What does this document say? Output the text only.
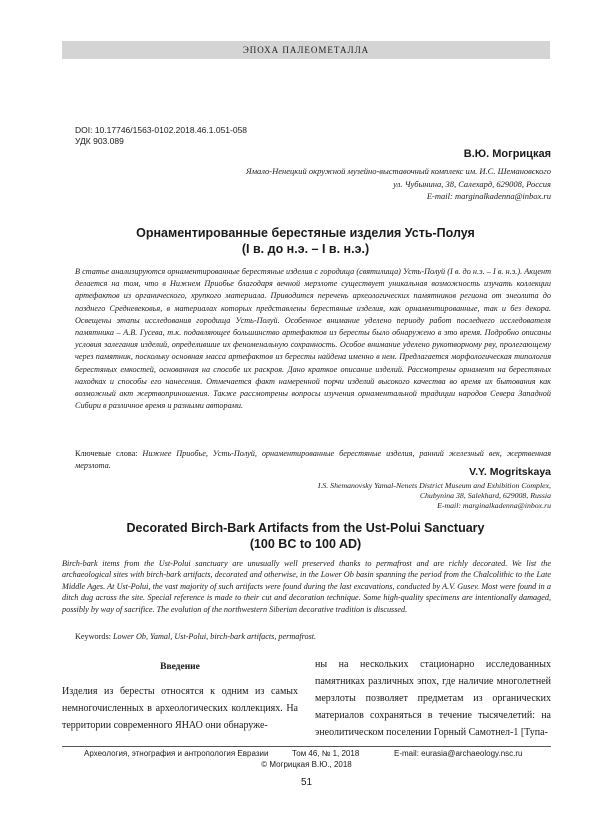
ЭПОХА ПАЛЕОМЕТАЛЛА
DOI: 10.17746/1563-0102.2018.46.1.051-058
УДК 903.089
В.Ю. Могрицкая
Ямало-Ненецкий окружной музейно-выставочный комплекс им. И.С. Шемановского
ул. Чубынина, 38, Салехард, 629008, Россия
E-mail: marginalkadenna@inbox.ru
Орнаментированные берестяные изделия Усть-Полуя
(I в. до н.э. – I в. н.э.)
В статье анализируются орнаментированные берестяные изделия с городища (святилища) Усть-Полуй (I в. до н.э. – I в. н.э.). Акцент делается на том, что в Нижнем Приобье благодаря вечной мерзлоте существует уникальная возможность изучать коллекции артефактов из органического, хрупкого материала. Приводится перечень археологических памятников региона от энеолита до позднего Средневековья, в материалах которых представлены берестяные изделия, как орнаментированные, так и без декора. Освещены этапы исследования городища Усть-Полуй. Особенное внимание уделено периоду работ последнего исследователя памятника – А.В. Гусева, т.к. подавляющее большинство артефактов из бересты было обнаружено в это время. Подробно описаны условия залегания изделий, определившие их феноменальную сохранность. Особое внимание уделено рукотворному рву, пролегающему через памятник, поскольку основная масса артефактов из бересты найдена именно в нем. Предлагается морфологическая типология берестяных емкостей, основанная на способе их раскроя. Дано краткое описание изделий. Рассмотрены орнамент на берестяных находках и способы его нанесения. Отмечается факт намеренной порчи изделий высокого качества во время их бытования как возможный акт жертвоприношения. Также рассмотрены вопросы изучения орнаментальной традиции народов Севера Западной Сибири в различное время и разными авторами.
Ключевые слова: Нижнее Приобье, Усть-Полуй, орнаментированные берестяные изделия, ранний железный век, жертвенная мерзлота.
V.Y. Mogritskaya
I.S. Shemanovsky Yamal-Nenets District Museum and Exhibition Complex,
Chubynina 38, Salekhard, 629008, Russia
E-mail: marginalkadenna@inbox.ru
Decorated Birch-Bark Artifacts from the Ust-Polui Sanctuary
(100 BC to 100 AD)
Birch-bark items from the Ust-Polui sanctuary are unusually well preserved thanks to permafrost and are richly decorated. We list the archaeological sites with birch-bark artifacts, decorated and otherwise, in the Lower Ob basin spanning the period from the Chalcolithic to the Late Middle Ages. At Ust-Polui, the vast majority of such artifacts were found during the last excavations, conducted by A.V. Gusev. Most were found in a ditch dug across the site. Special reference is made to their cut and decoration technique. Some high-quality specimens are intentionally damaged, possibly by way of sacrifice. The evolution of the northwestern Siberian decorative tradition is discussed.
Keywords: Lower Ob, Yamal, Ust-Polui, birch-bark artifacts, permafrost.
Введение

Изделия из бересты относятся к одним из самых немногочисленных в археологических коллекциях. На территории современного ЯНАО они обнаруже-

ны на нескольких стационарно исследованных памятниках различных эпох, где наличие многолетней мерзлоты позволяет предметам из органических материалов сохраняться в течение тысячелетий: на энеолитическом поселении Горный Самотнел-1 [Тупа-

Археология, этнография и антропология Евразии	Том 46, № 1, 2018	E-mail: eurasia@archaeology.nsc.ru
© Могрицкая В.Ю., 2018
51
